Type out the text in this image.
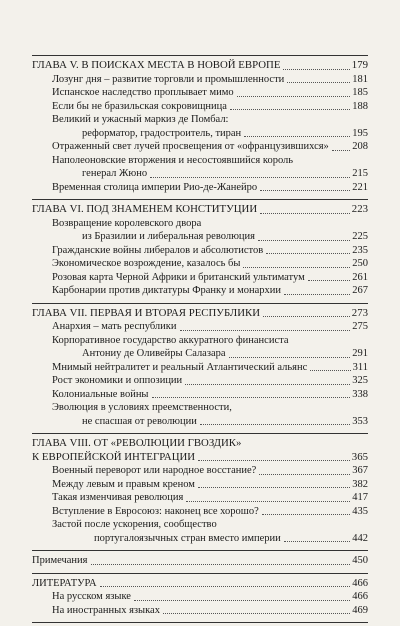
ГЛАВА V. В ПОИСКАХ МЕСТА В НОВОЙ ЕВРОПЕ	179
Лозунг дня – развитие торговли и промышленности	181
Испанское наследство проплывает мимо	185
Если бы не бразильская сокровищница	188
Великий и ужасный маркиз де Помбал:
реформатор, градостроитель, тиран	195
Отраженный свет лучей просвещения от «офранцузившихся» 208
Наполеоновские вторжения и несостоявшийся король
генерал Жюно	215
Временная столица империи Рио-де-Жанейро	221
ГЛАВА VI. ПОД ЗНАМЕНЕМ КОНСТИТУЦИИ	223
Возвращение королевского двора
из Бразилии и либеральная революция	225
Гражданские войны либералов и абсолютистов	235
Экономическое возрождение, казалось бы	250
Розовая карта Черной Африки и британский ультиматум	261
Карбонарии против диктатуры Франку и монархии	267
ГЛАВА VII. ПЕРВАЯ И ВТОРАЯ РЕСПУБЛИКИ	273
Анархия – мать республики	275
Корпоративное государство аккуратного финансиста
Антониу де Оливейры Салазара	291
Мнимый нейтралитет и реальный Атлантический альянс	311
Рост экономики и оппозиции	325
Колониальные войны	338
Эволюция в условиях преемственности,
не спасшая от революции	353
ГЛАВА VIII. ОТ «РЕВОЛЮЦИИ ГВОЗДИК»
К ЕВРОПЕЙСКОЙ ИНТЕГРАЦИИ	365
Военный переворот или народное восстание?	367
Между левым и правым креном	382
Такая изменчивая революция	417
Вступление в Евросоюз: наконец все хорошо?	435
Застой после ускорения, сообщество
португалоязычных стран вместо империи	442
Примечания	450
ЛИТЕРАТУРА	466
На русском языке	466
На иностранных языках	469
